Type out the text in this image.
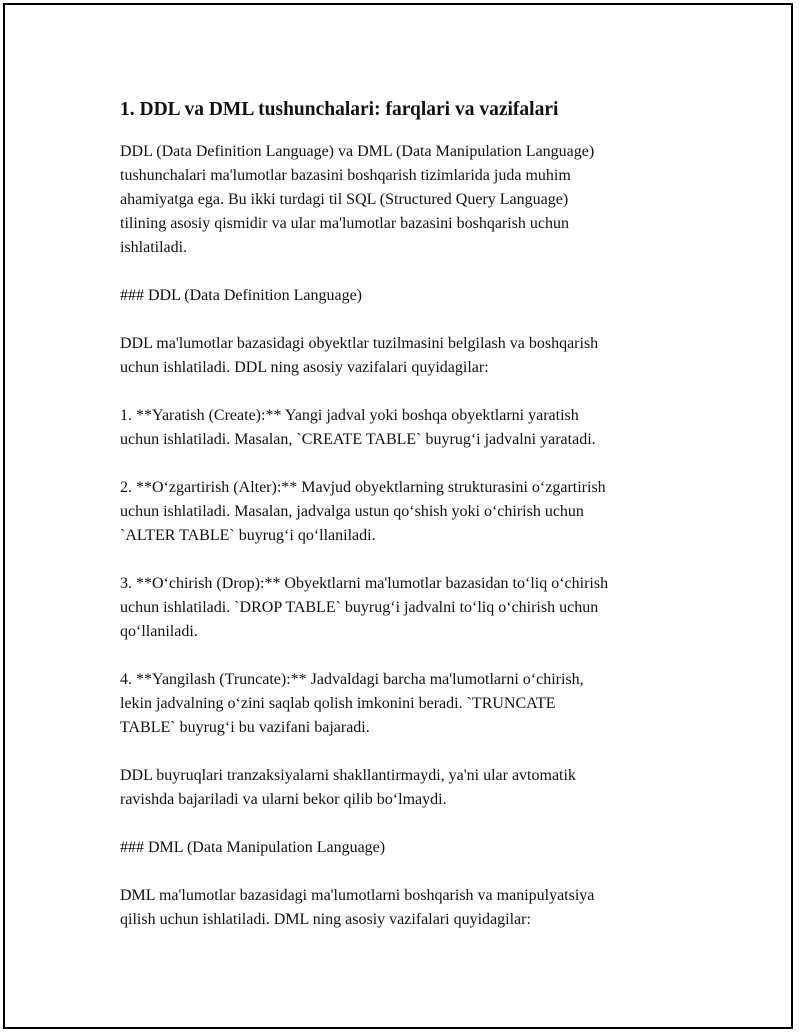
1. DDL va DML tushunchalari: farqlari va vazifalari

DDL (Data Definition Language) va DML (Data Manipulation Language)
tushunchalari ma'lumotlar bazasini boshqarish tizimlarida juda muhim
ahamiyatga ega. Bu ikki turdagi til SQL (Structured Query Language)
tilining asosiy qismidir va ular ma'lumotlar bazasini boshqarish uchun
ishlatiladi.

### DDL (Data Definition Language)

DDL ma'lumotlar bazasidagi obyektlar tuzilmasini belgilash va boshqarish
uchun ishlatiladi. DDL ning asosiy vazifalari quyidagilar:

1. **Yaratish (Create):** Yangi jadval yoki boshqa obyektlarni yaratish
uchun ishlatiladi. Masalan, `CREATE TABLE` buyrug‘i jadvalni yaratadi.

2. **O‘zgartirish (Alter):** Mavjud obyektlarning strukturasini o‘zgartirish
uchun ishlatiladi. Masalan, jadvalga ustun qo‘shish yoki o‘chirish uchun
`ALTER TABLE` buyrug‘i qo‘llaniladi.

3. **O‘chirish (Drop):** Obyektlarni ma'lumotlar bazasidan to‘liq o‘chirish
uchun ishlatiladi. `DROP TABLE` buyrug‘i jadvalni to‘liq o‘chirish uchun
qo‘llaniladi.

4. **Yangilash (Truncate):** Jadvaldagi barcha ma'lumotlarni o‘chirish,
lekin jadvalning o‘zini saqlab qolish imkonini beradi. `TRUNCATE
TABLE` buyrug‘i bu vazifani bajaradi.

DDL buyruqlari tranzaksiyalarni shakllantirmaydi, ya'ni ular avtomatik
ravishda bajariladi va ularni bekor qilib bo‘lmaydi.

### DML (Data Manipulation Language)

DML ma'lumotlar bazasidagi ma'lumotlarni boshqarish va manipulyatsiya
qilish uchun ishlatiladi. DML ning asosiy vazifalari quyidagilar:
